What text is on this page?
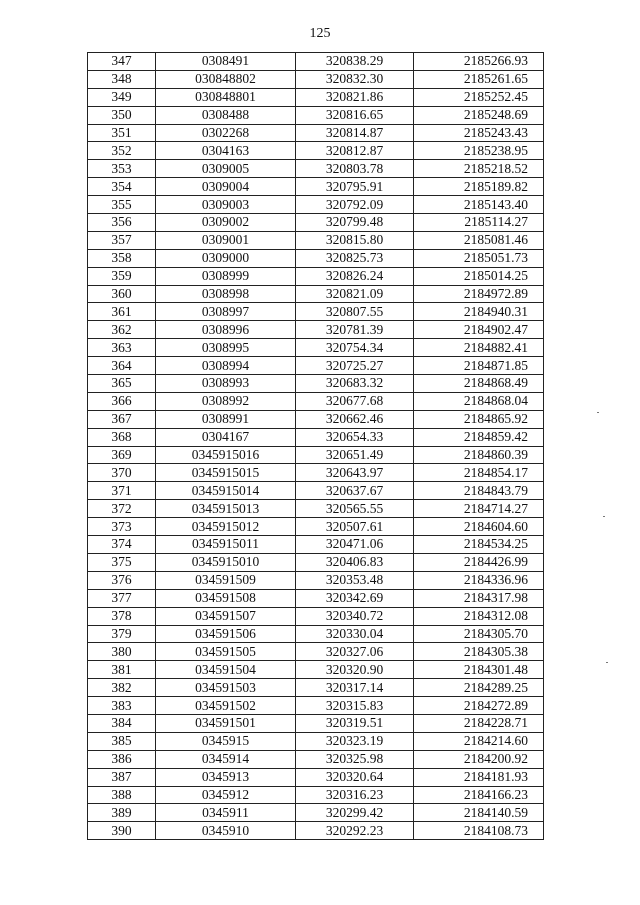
125
347	0308491	320838.29	2185266.93
348	030848802	320832.30	2185261.65
349	030848801	320821.86	2185252.45
350	0308488	320816.65	2185248.69
351	0302268	320814.87	2185243.43
352	0304163	320812.87	2185238.95
353	0309005	320803.78	2185218.52
354	0309004	320795.91	2185189.82
355	0309003	320792.09	2185143.40
356	0309002	320799.48	2185114.27
357	0309001	320815.80	2185081.46
358	0309000	320825.73	2185051.73
359	0308999	320826.24	2185014.25
360	0308998	320821.09	2184972.89
361	0308997	320807.55	2184940.31
362	0308996	320781.39	2184902.47
363	0308995	320754.34	2184882.41
364	0308994	320725.27	2184871.85
365	0308993	320683.32	2184868.49
366	0308992	320677.68	2184868.04
367	0308991	320662.46	2184865.92
368	0304167	320654.33	2184859.42
369	0345915016	320651.49	2184860.39
370	0345915015	320643.97	2184854.17
371	0345915014	320637.67	2184843.79
372	0345915013	320565.55	2184714.27
373	0345915012	320507.61	2184604.60
374	0345915011	320471.06	2184534.25
375	0345915010	320406.83	2184426.99
376	034591509	320353.48	2184336.96
377	034591508	320342.69	2184317.98
378	034591507	320340.72	2184312.08
379	034591506	320330.04	2184305.70
380	034591505	320327.06	2184305.38
381	034591504	320320.90	2184301.48
382	034591503	320317.14	2184289.25
383	034591502	320315.83	2184272.89
384	034591501	320319.51	2184228.71
385	0345915	320323.19	2184214.60
386	0345914	320325.98	2184200.92
387	0345913	320320.64	2184181.93
388	0345912	320316.23	2184166.23
389	0345911	320299.42	2184140.59
390	0345910	320292.23	2184108.73
